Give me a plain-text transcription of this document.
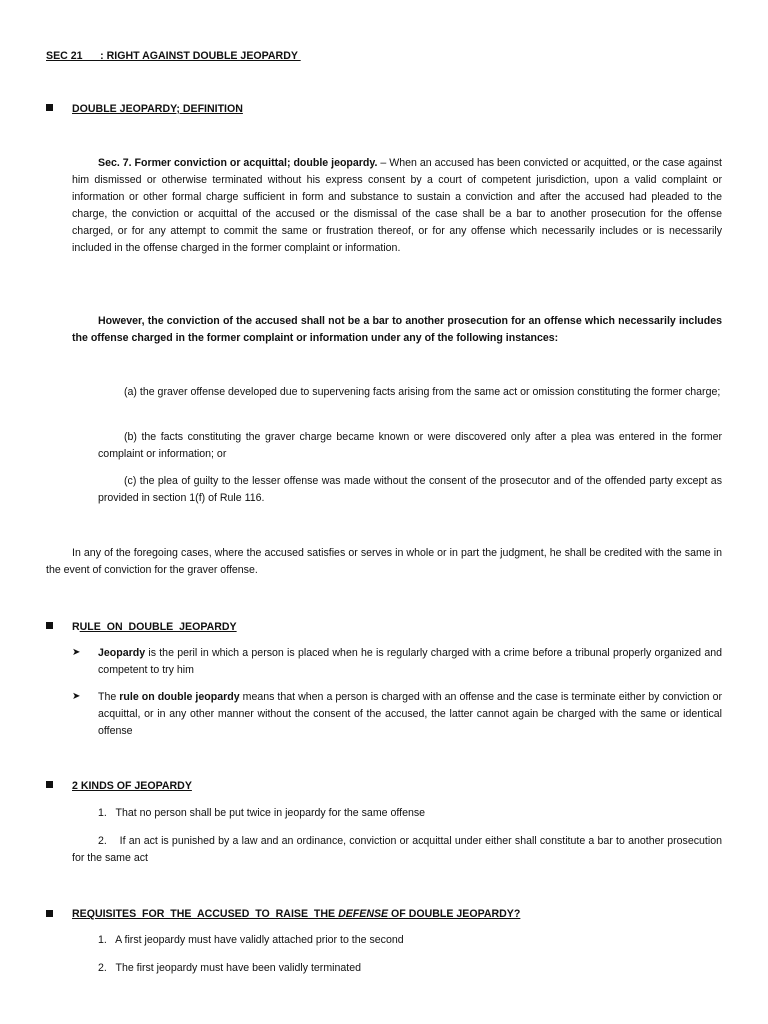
SEC 21      : RIGHT AGAINST DOUBLE JEOPARDY
DOUBLE JEOPARDY; DEFINITION
Sec. 7. Former conviction or acquittal; double jeopardy. – When an accused has been convicted or acquitted, or the case against him dismissed or otherwise terminated without his express consent by a court of competent jurisdiction, upon a valid complaint or information or other formal charge sufficient in form and substance to sustain a conviction and after the accused had pleaded to the charge, the conviction or acquittal of the accused or the dismissal of the case shall be a bar to another prosecution for the offense charged, or for any attempt to commit the same or frustration thereof, or for any offense which necessarily includes or is necessarily included in the offense charged in the former complaint or information.
However, the conviction of the accused shall not be a bar to another prosecution for an offense which necessarily includes the offense charged in the former complaint or information under any of the following instances:
(a) the graver offense developed due to supervening facts arising from the same act or omission constituting the former charge;
(b) the facts constituting the graver charge became known or were discovered only after a plea was entered in the former complaint or information; or
(c) the plea of guilty to the lesser offense was made without the consent of the prosecutor and of the offended party except as provided in section 1(f) of Rule 116.
In any of the foregoing cases, where the accused satisfies or serves in whole or in part the judgment, he shall be credited with the same in the event of conviction for the graver offense.
RULE  ON  DOUBLE  JEOPARDY
➤ Jeopardy is the peril in which a person is placed when he is regularly charged with a crime before a tribunal properly organized and competent to try him
➤ The rule on double jeopardy means that when a person is charged with an offense and the case is terminate either by conviction or acquittal, or in any other manner without the consent of the accused, the latter cannot again be charged with the same or identical offense
2 KINDS OF JEOPARDY
1.   That no person shall be put twice in jeopardy for the same offense
2.    If an act is punished by a law and an ordinance, conviction or acquittal under either shall constitute a bar to another prosecution for the same act
REQUISITES  FOR  THE  ACCUSED  TO  RAISE  THE DEFENSE OF DOUBLE JEOPARDY?
1.   A first jeopardy must have validly attached prior to the second
2.   The first jeopardy must have been validly terminated
